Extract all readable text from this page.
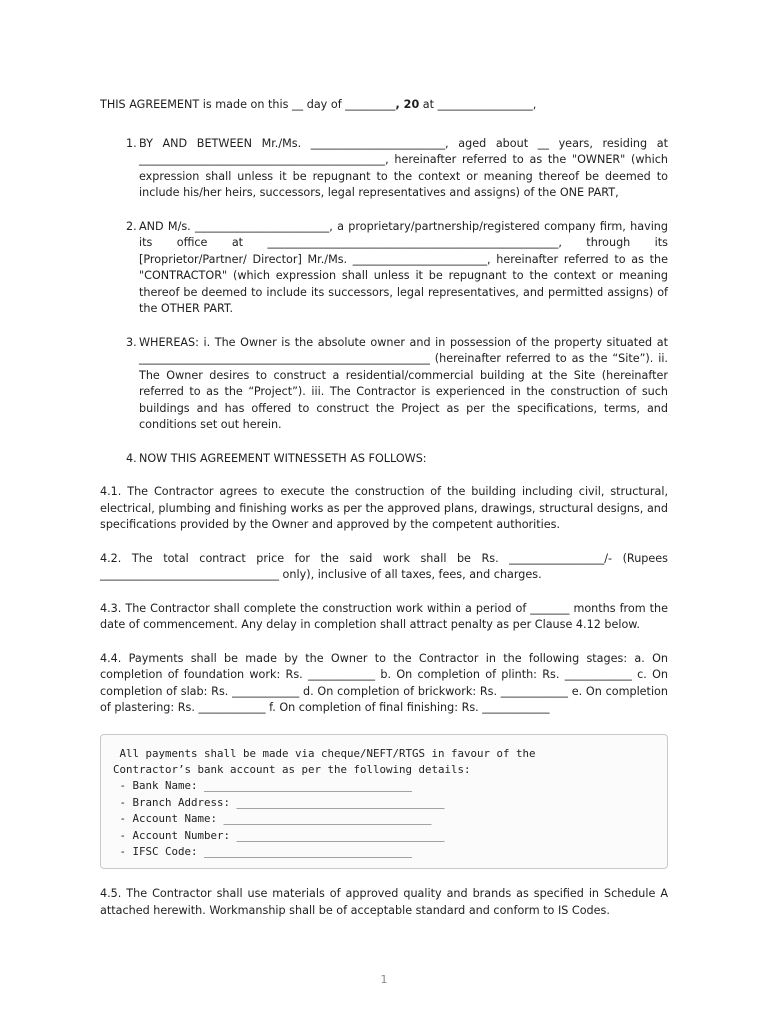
THIS AGREEMENT is made on this __ day of _________, 20 at _________________,

1. BY AND BETWEEN Mr./Ms. ________________________, aged about __ years, residing at ____________________________________________, hereinafter referred to as the "OWNER" (which expression shall unless it be repugnant to the context or meaning thereof be deemed to include his/her heirs, successors, legal representatives and assigns) of the ONE PART,
2. AND M/s. ________________________, a proprietary/partnership/registered company firm, having its office at ____________________________________________________, through its [Proprietor/Partner/ Director] Mr./Ms. ________________________, hereinafter referred to as the "CONTRACTOR" (which expression shall unless it be repugnant to the context or meaning thereof be deemed to include its successors, legal representatives, and permitted assigns) of the OTHER PART.
3. WHEREAS: i. The Owner is the absolute owner and in possession of the property situated at ____________________________________________________ (hereinafter referred to as the “Site”). ii. The Owner desires to construct a residential/commercial building at the Site (hereinafter referred to as the “Project”). iii. The Contractor is experienced in the construction of such buildings and has offered to construct the Project as per the specifications, terms, and conditions set out herein.
4. NOW THIS AGREEMENT WITNESSETH AS FOLLOWS:

4.1. The Contractor agrees to execute the construction of the building including civil, structural, electrical, plumbing and finishing works as per the approved plans, drawings, structural designs, and specifications provided by the Owner and approved by the competent authorities.

4.2. The total contract price for the said work shall be Rs. _________________/- (Rupees ________________________________ only), inclusive of all taxes, fees, and charges.

4.3. The Contractor shall complete the construction work within a period of _______ months from the date of commencement. Any delay in completion shall attract penalty as per Clause 4.12 below.

4.4. Payments shall be made by the Owner to the Contractor in the following stages: a. On completion of foundation work: Rs. ____________ b. On completion of plinth: Rs. ____________ c. On completion of slab: Rs. ____________ d. On completion of brickwork: Rs. ____________ e. On completion of plastering: Rs. ____________ f. On completion of final finishing: Rs. ____________

All payments shall be made via cheque/NEFT/RTGS in favour of the
Contractor’s bank account as per the following details:
- Bank Name: ________________________________
- Branch Address: ________________________________
- Account Name: ________________________________
- Account Number: ________________________________
- IFSC Code: ________________________________

4.5. The Contractor shall use materials of approved quality and brands as specified in Schedule A attached herewith. Workmanship shall be of acceptable standard and conform to IS Codes.

1
